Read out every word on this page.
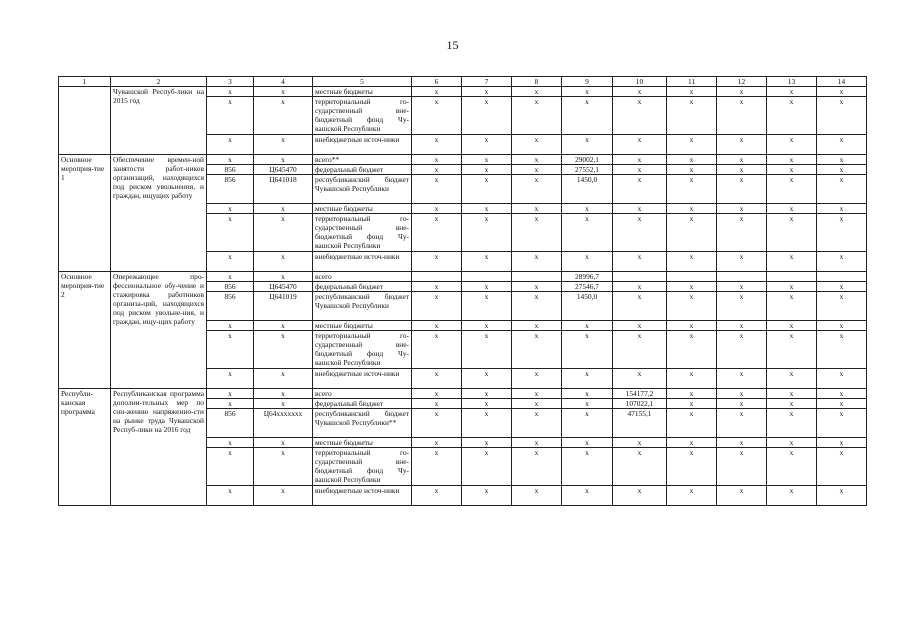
15
1	2	3	4	5	6	7	8	9	10	11	12	13	14
	Чувашской Респуб-лики на 2015 год	х	х	местные бюджеты	х	х	х	х	х	х	х	х	х
		х	х	территориальный го-сударственный вне-бюджетный фонд Чу-вашской Республики	х	х	х	х	х	х	х	х	х
		х	х	внебюджетные источ-ники	х	х	х	х	х	х	х	х	х
Основное мероприя-тие 1	Обеспечение времен-ной занятости работ-ников организаций, находящихся под риском увольнения, и граждан, ищущих работу	х	х	всего**	х	х	х	29002,1	х	х	х	х	х
		856	Ц645470	федеральный бюджет	х	х	х	27552,1	х	х	х	х	х
		856	Ц641018	республиканский бюджет Чувашской Республики	х	х	х	1450,0	х	х	х	х	х
		х	х	местные бюджеты	х	х	х	х	х	х	х	х	х
		х	х	территориальный го-сударственный вне-бюджетный фонд Чу-вашской Республики	х	х	х	х	х	х	х	х	х
		х	х	внебюджетные источ-ники	х	х	х	х	х	х	х	х	х
Основное мероприя-тие 2	Опережающее про-фессиональное обу-чение и стажировка работников организа-ций, находящихся под риском увольне-ния, и граждан, ищу-щих работу	х	х	всего				28996,7					
		856	Ц645470	федеральный бюджет	х	х	х	27546,7	х	х	х	х	х
		856	Ц641019	республиканский бюджет Чувашской Республики	х	х	х	1450,0	х	х	х	х	х
		х	х	местные бюджеты	х	х	х	х	х	х	х	х	х
		х	х	территориальный го-сударственный вне-бюджетный фонд Чу-вашской Республики	х	х	х	х	х	х	х	х	х
		х	х	внебюджетные источ-ники	х	х	х	х	х	х	х	х	х
Республи-канская программа	Республиканская программа дополни-тельных мер по сни-жению напряженно-сти на рынке труда Чувашской Респуб-лики на 2016 год	х	х	всего	х	х	х	х	154177,2	х	х	х	х
		х	х	федеральный бюджет	х	х	х	х	107022,1	х	х	х	х
		856	Ц64ххххххх	республиканский бюджет Чувашской Республики**	х	х	х	х	47155,1	х	х	х	х
		х	х	местные бюджеты	х	х	х	х	х	х	х	х	х
		х	х	территориальный го-сударственный вне-бюджетный фонд Чу-вашской Республики	х	х	х	х	х	х	х	х	х
		х	х	внебюджетные источ-ники	х	х	х	х	х	х	х	х	х
